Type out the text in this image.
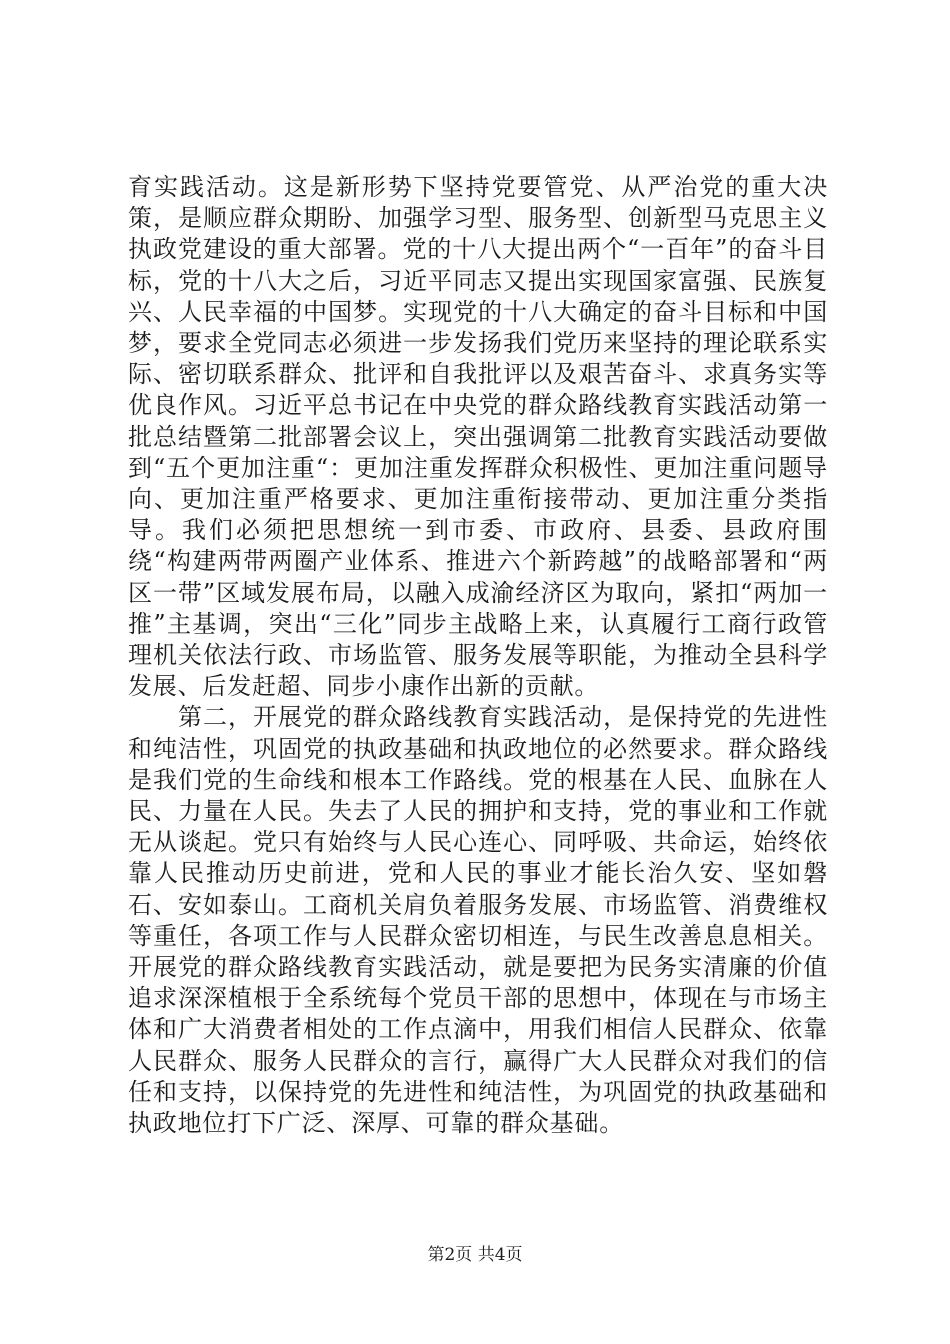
育实践活动。这是新形势下坚持党要管党、从严治党的重大决策，是顺应群众期盼、加强学习型、服务型、创新型马克思主义执政党建设的重大部署。党的十八大提出两个“一百年”的奋斗目标，党的十八大之后，习近平同志又提出实现国家富强、民族复兴、人民幸福的中国梦。实现党的十八大确定的奋斗目标和中国梦，要求全党同志必须进一步发扬我们党历来坚持的理论联系实际、密切联系群众、批评和自我批评以及艰苦奋斗、求真务实等优良作风。习近平总书记在中央党的群众路线教育实践活动第一批总结暨第二批部署会议上，突出强调第二批教育实践活动要做到“五个更加注重“：更加注重发挥群众积极性、更加注重问题导向、更加注重严格要求、更加注重衔接带动、更加注重分类指导。我们必须把思想统一到市委、市政府、县委、县政府围绕“构建两带两圈产业体系、推进六个新跨越”的战略部署和“两区一带”区域发展布局，以融入成渝经济区为取向，紧扣“两加一推”主基调，突出“三化”同步主战略上来，认真履行工商行政管理机关依法行政、市场监管、服务发展等职能，为推动全县科学发展、后发赶超、同步小康作出新的贡献。

第二，开展党的群众路线教育实践活动，是保持党的先进性和纯洁性，巩固党的执政基础和执政地位的必然要求。群众路线是我们党的生命线和根本工作路线。党的根基在人民、血脉在人民、力量在人民。失去了人民的拥护和支持，党的事业和工作就无从谈起。党只有始终与人民心连心、同呼吸、共命运，始终依靠人民推动历史前进，党和人民的事业才能长治久安、坚如磐石、安如泰山。工商机关肩负着服务发展、市场监管、消费维权等重任，各项工作与人民群众密切相连，与民生改善息息相关。开展党的群众路线教育实践活动，就是要把为民务实清廉的价值追求深深植根于全系统每个党员干部的思想中，体现在与市场主体和广大消费者相处的工作点滴中，用我们相信人民群众、依靠人民群众、服务人民群众的言行，赢得广大人民群众对我们的信任和支持，以保持党的先进性和纯洁性，为巩固党的执政基础和执政地位打下广泛、深厚、可靠的群众基础。

第2页 共4页
